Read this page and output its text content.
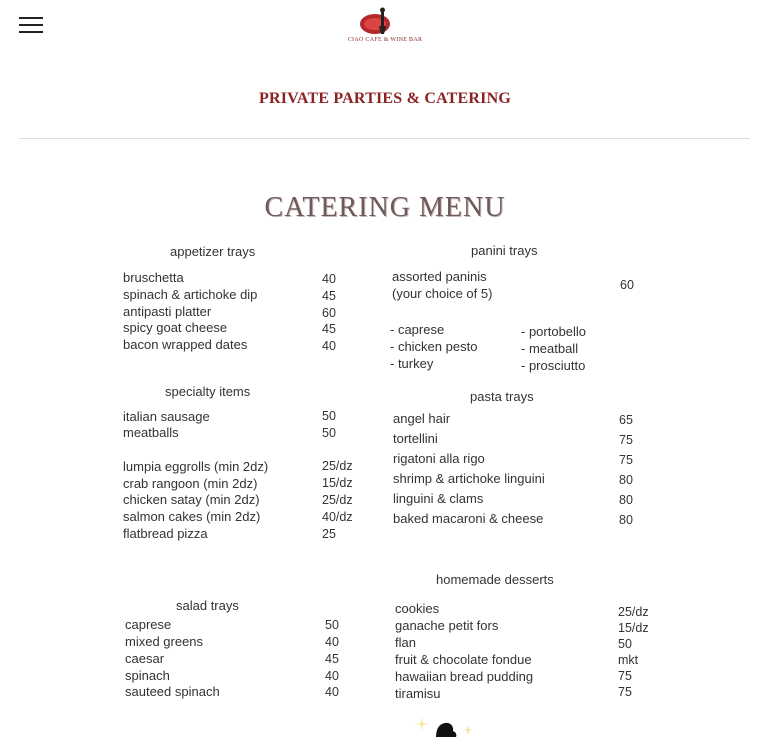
CIAO CAFE & WINE BAR
PRIVATE PARTIES & CATERING
CATERING MENU
appetizer trays
bruschetta	40
spinach & artichoke dip	45
antipasti platter	60
spicy goat cheese	45
bacon wrapped dates	40
specialty items
italian sausage	50
meatballs	50
lumpia eggrolls (min 2dz)	25/dz
crab rangoon (min 2dz)	15/dz
chicken satay (min 2dz)	25/dz
salmon cakes (min 2dz)	40/dz
flatbread pizza	25
salad trays
caprese	50
mixed greens	40
caesar	45
spinach	40
sauteed spinach	40
panini trays
assorted paninis
(your choice of 5)
60
- caprese
- chicken pesto
- turkey
- portobello
- meatball
- prosciutto
pasta trays
angel hair	65
tortellini	75
rigatoni alla rigo	75
shrimp & artichoke linguini	80
linguini & clams	80
baked macaroni & cheese	80
homemade desserts
cookies	25/dz
ganache petit fors	15/dz
flan	50
fruit & chocolate fondue	mkt
hawaiian bread pudding	75
tiramisu	75
